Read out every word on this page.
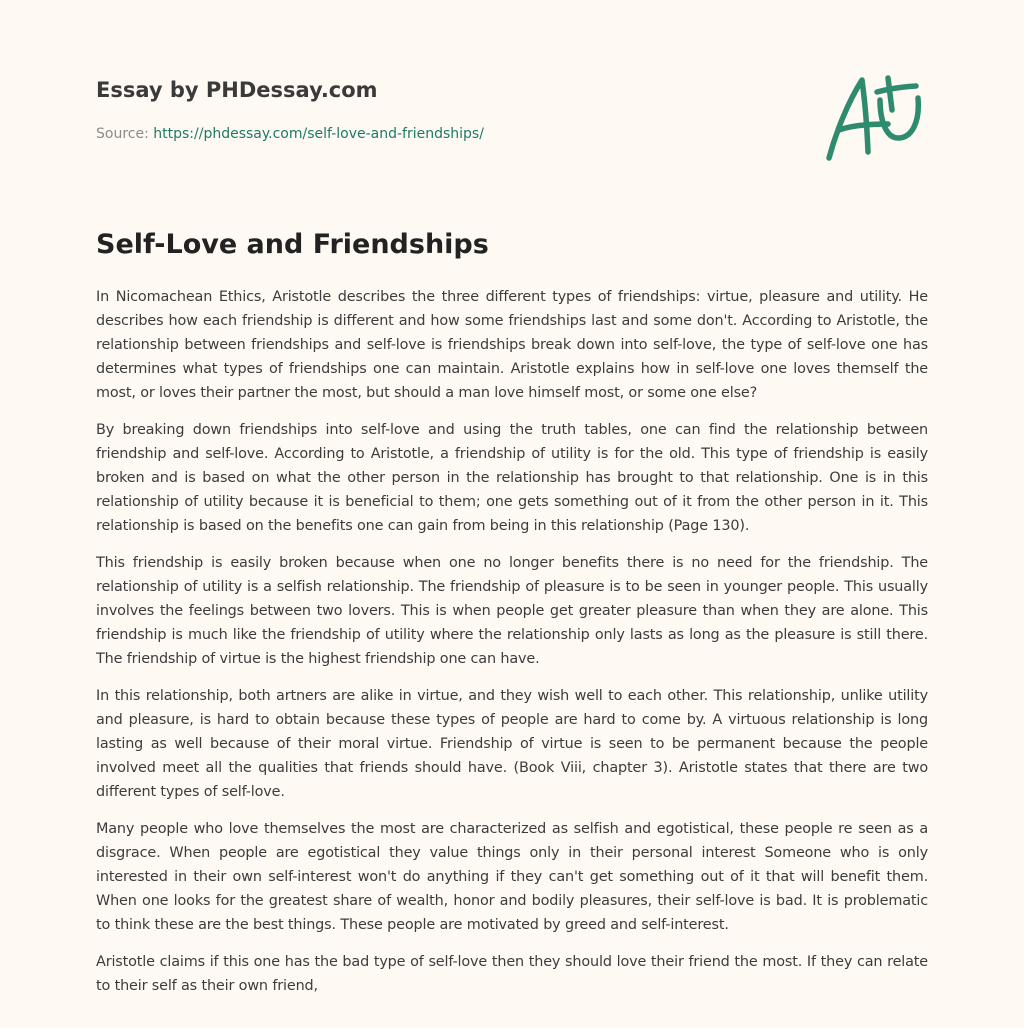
Essay by PHDessay.com
Source: https://phdessay.com/self-love-and-friendships/
Self-Love and Friendships

In Nicomachean Ethics, Aristotle describes the three different types of friendships: virtue, pleasure and utility. He describes how each friendship is different and how some friendships last and some don't. According to Aristotle, the relationship between friendships and self-love is friendships break down into self-love, the type of self-love one has determines what types of friendships one can maintain. Aristotle explains how in self-love one loves themself the most, or loves their partner the most, but should a man love himself most, or some one else?

By breaking down friendships into self-love and using the truth tables, one can find the relationship between friendship and self-love. According to Aristotle, a friendship of utility is for the old. This type of friendship is easily broken and is based on what the other person in the relationship has brought to that relationship. One is in this relationship of utility because it is beneficial to them; one gets something out of it from the other person in it. This relationship is based on the benefits one can gain from being in this relationship (Page 130).

This friendship is easily broken because when one no longer benefits there is no need for the friendship. The relationship of utility is a selfish relationship. The friendship of pleasure is to be seen in younger people. This usually involves the feelings between two lovers. This is when people get greater pleasure than when they are alone. This friendship is much like the friendship of utility where the relationship only lasts as long as the pleasure is still there. The friendship of virtue is the highest friendship one can have.

In this relationship, both artners are alike in virtue, and they wish well to each other. This relationship, unlike utility and pleasure, is hard to obtain because these types of people are hard to come by. A virtuous relationship is long lasting as well because of their moral virtue. Friendship of virtue is seen to be permanent because the people involved meet all the qualities that friends should have. (Book Viii, chapter 3). Aristotle states that there are two different types of self-love.

Many people who love themselves the most are characterized as selfish and egotistical, these people re seen as a disgrace. When people are egotistical they value things only in their personal interest Someone who is only interested in their own self-interest won't do anything if they can't get something out of it that will benefit them. When one looks for the greatest share of wealth, honor and bodily pleasures, their self-love is bad. It is problematic to think these are the best things. These people are motivated by greed and self-interest.

Aristotle claims if this one has the bad type of self-love then they should love their friend the most. If they can relate to their self as their own friend,
